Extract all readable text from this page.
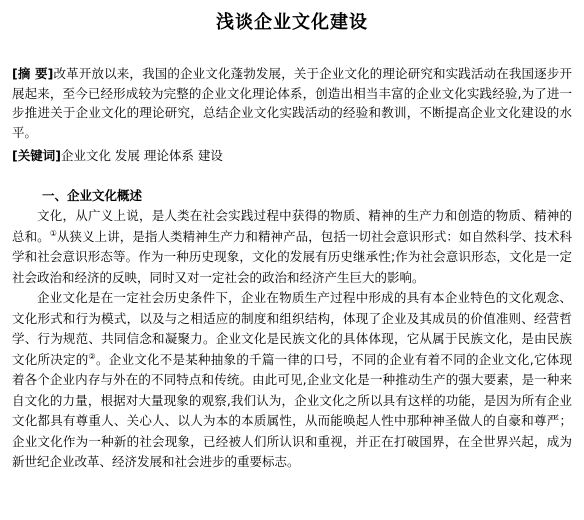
浅谈企业文化建设
[摘 要]改革开放以来，我国的企业文化蓬勃发展，关于企业文化的理论研究和实践活动在我国逐步开展起来，至今已经形成较为完整的企业文化理论体系，创造出相当丰富的企业文化实践经验,为了进一步推进关于企业文化的理论研究，总结企业文化实践活动的经验和教训，不断提高企业文化建设的水平。
[关键词]企业文化 发展 理论体系 建设
一、企业文化概述

文化，从广义上说，是人类在社会实践过程中获得的物质、精神的生产力和创造的物质、精神的总和。①从狭义上讲，是指人类精神生产力和精神产品，包括一切社会意识形式：如自然科学、技术科学和社会意识形态等。作为一种历史现象，文化的发展有历史继承性;作为社会意识形态，文化是一定社会政治和经济的反映，同时又对一定社会的政治和经济产生巨大的影响。

企业文化是在一定社会历史条件下，企业在物质生产过程中形成的具有本企业特色的文化观念、文化形式和行为模式，以及与之相适应的制度和组织结构，体现了企业及其成员的价值准则、经营哲学、行为规范、共同信念和凝聚力。企业文化是民族文化的具体体现，它从属于民族文化，是由民族文化所决定的②。企业文化不是某种抽象的千篇一律的口号，不同的企业有着不同的企业文化,它体现着各个企业内存与外在的不同特点和传统。由此可见,企业文化是一种推动生产的强大要素，是一种来自文化的力量，根据对大量现象的观察,我们认为，企业文化之所以具有这样的功能，是因为所有企业文化都具有尊重人、关心人、以人为本的本质属性，从而能唤起人性中那种神圣做人的自豪和尊严；企业文化作为一种新的社会现象，已经被人们所认识和重视，并正在打破国界，在全世界兴起，成为新世纪企业改革、经济发展和社会进步的重要标志。
